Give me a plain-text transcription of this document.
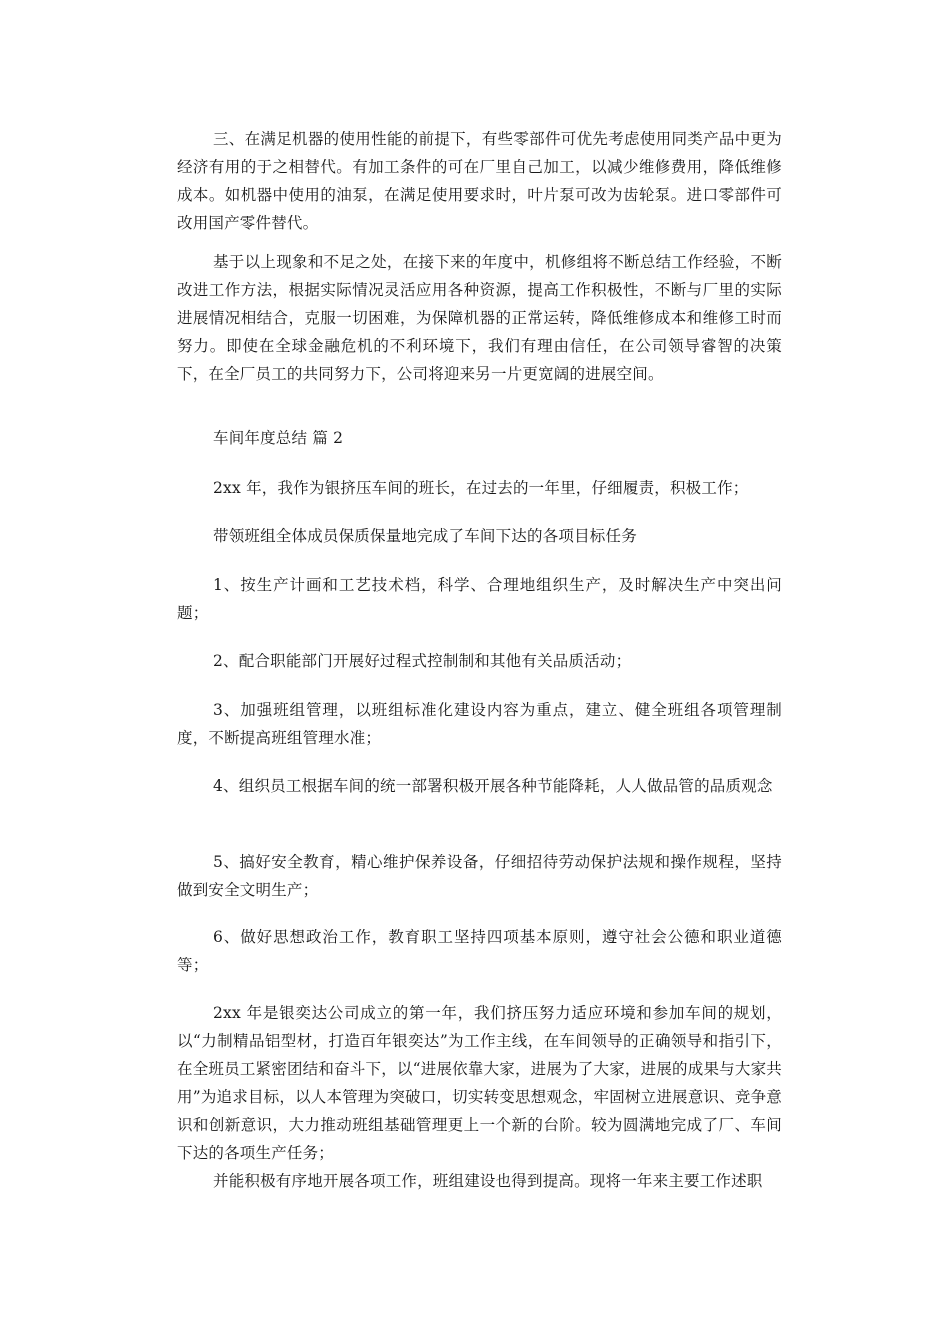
三、在满足机器的使用性能的前提下，有些零部件可优先考虑使用同类产品中更为经济有用的于之相替代。有加工条件的可在厂里自己加工，以减少维修费用，降低维修成本。如机器中使用的油泵，在满足使用要求时，叶片泵可改为齿轮泵。进口零部件可改用国产零件替代。

基于以上现象和不足之处，在接下来的年度中，机修组将不断总结工作经验，不断改进工作方法，根据实际情况灵活应用各种资源，提高工作积极性，不断与厂里的实际进展情况相结合，克服一切困难，为保障机器的正常运转，降低维修成本和维修工时而努力。即使在全球金融危机的不利环境下，我们有理由信任，在公司领导睿智的决策下，在全厂员工的共同努力下，公司将迎来另一片更宽阔的进展空间。

车间年度总结 篇 2

2xx 年，我作为银挤压车间的班长，在过去的一年里，仔细履责，积极工作；

带领班组全体成员保质保量地完成了车间下达的各项目标任务

1、按生产计画和工艺技术档，科学、合理地组织生产，及时解决生产中突出问题；

2、配合职能部门开展好过程式控制制和其他有关品质活动；

3、加强班组管理，以班组标准化建设内容为重点，建立、健全班组各项管理制度，不断提高班组管理水准；

4、组织员工根据车间的统一部署积极开展各种节能降耗，人人做品管的品质观念

5、搞好安全教育，精心维护保养设备，仔细招待劳动保护法规和操作规程，坚持做到安全文明生产；

6、做好思想政治工作，教育职工坚持四项基本原则，遵守社会公德和职业道德等；

2xx 年是银奕达公司成立的第一年，我们挤压努力适应环境和参加车间的规划，以“力制精品铝型材，打造百年银奕达”为工作主线，在车间领导的正确领导和指引下，在全班员工紧密团结和奋斗下，以“进展依靠大家，进展为了大家，进展的成果与大家共用”为追求目标，以人本管理为突破口，切实转变思想观念，牢固树立进展意识、竞争意识和创新意识，大力推动班组基础管理更上一个新的台阶。较为圆满地完成了厂、车间下达的各项生产任务；

并能积极有序地开展各项工作，班组建设也得到提高。现将一年来主要工作述职
